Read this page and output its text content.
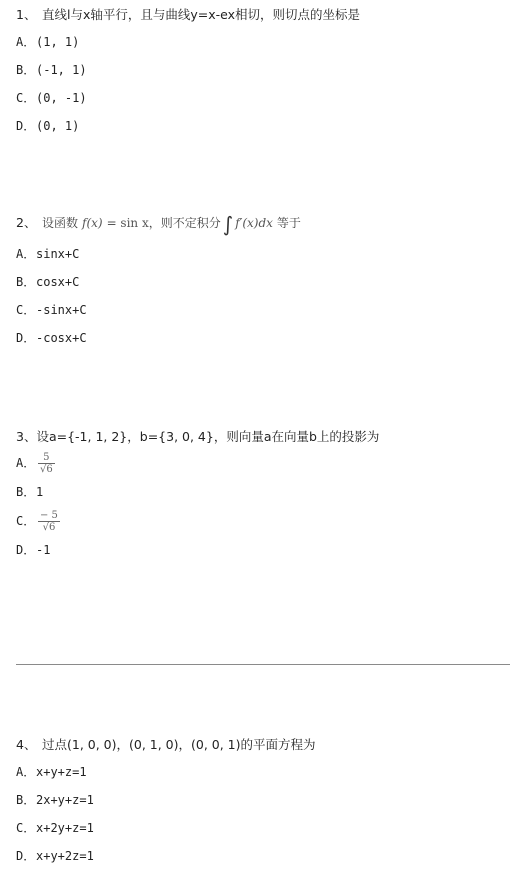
1、 直线l与x轴平行，且与曲线y=x-ex相切，则切点的坐标是
A．(1, 1)
B．(-1, 1)
C．(0, -1)
D．(0, 1)
2、 设函数 f(x) = sin x，则不定积分 ∫ f′(x)dx 等于
A．sinx+C
B．cosx+C
C．-sinx+C
D．-cosx+C
3、设a={-1, 1, 2}，b={3, 0, 4}，则向量a在向量b上的投影为
A． $\frac{5}{√6}$
B．1
C． $\frac{- 5}{√6}$
D．-1
4、 过点(1, 0, 0)，(0, 1, 0)，(0, 0, 1)的平面方程为
A．x+y+z=1
B．2x+y+z=1
C．x+2y+z=1
D．x+y+2z=1
